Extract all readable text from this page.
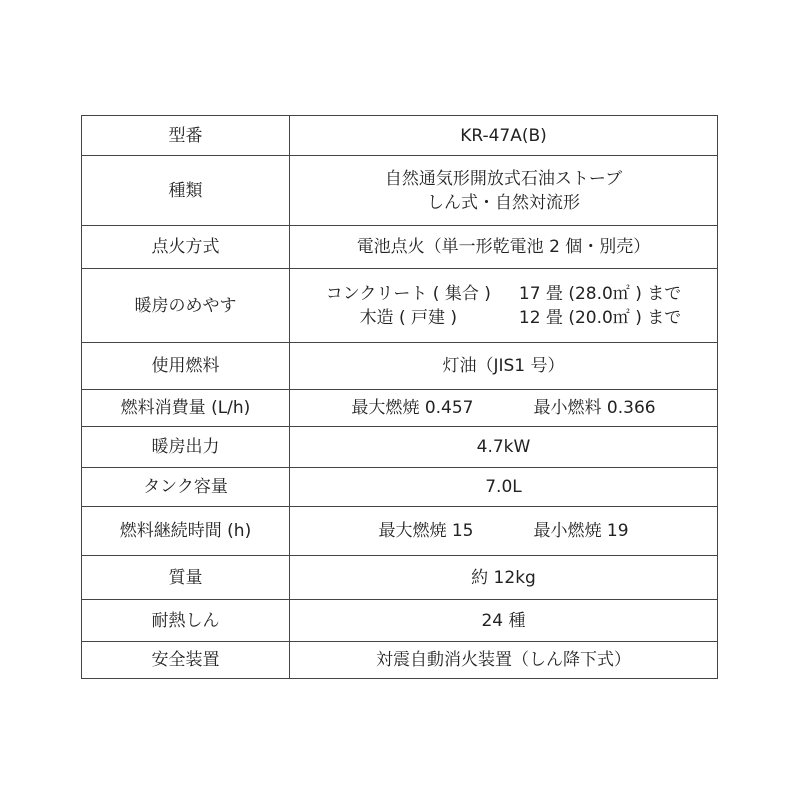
型番	KR-47A(B)
種類	自然通気形開放式石油ストーブ
しん式・自然対流形

点火方式	電池点火（単一形乾電池 2 個・別売）
暖房のめやす	コンクリート ( 集合 ) 17 畳 (28.0㎡ ) まで
木造 ( 戸建 ) 12 畳 (20.0㎡ ) まで

使用燃料	灯油（JIS1 号）
燃料消費量 (L/h)	最大燃焼 0.457 最小燃料 0.366

暖房出力	4.7kW
タンク容量	7.0L
燃料継続時間 (h)	最大燃焼 15 最小燃焼 19

質量	約 12kg
耐熱しん	24 種
安全装置	対震自動消火装置（しん降下式）
